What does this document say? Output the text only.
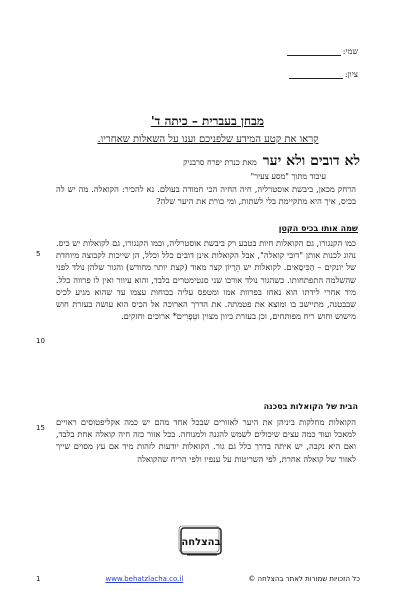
שמי:
ציון:
מבחן בעברית – כיתה ד'
קראו את קטע המידע שלפניכם וענו על השאלות שאחריו.
לא דובים ולא יער
מאת כנרת יפרח סרבניק
עיבוד מתוך "מסע צעיר"
הרחק מכאן, ביבשת אוסטרליה, חיה החיה הכי חמודה בעולם. נא להכיר: הקואלה. מה יש לה בכיס, איך היא מתקיימת בלי לשתות, ומי כורת את היער שלה?
שמה אותו בכיס הקטן
כמו הקנגורו, גם הקואלות חיות בטבע רק ביבשת אוסטרליה, וכמו הקנגורו, גם לקואלות יש כיס. נהוג לכנות אותן "דובי קואלה", אבל הקואלות אינן דובים כלל וכלל, הן שייכות לקבוצה מיוחדת של יונקים – הַכִּיסָאִים. לקואלות יש הֵרָיוֹן קצר מאוד (קצת יותר מחודש) והגור שלהן נולד לפני שהשלמה התפתחותו. כשהגור נולד אורכו שני סנטימטרים בלבד, והוא עיוור ואין לו פרווה כלל. מיד אחרי לידתו הוא נאחז בפרוות אמו ומטפס עליה בכוחות עצמו עד שהוא מגיע לכיס שבבטנה, מתיישב בו ומוצא את פטמתה. את הדרך הארוכה אל הכיס הוא עושה בעזרת חוש מישוש וחוש ריח מפותחים, וכן בעזרת כיוון מצוין וטְפָרִים* ארוכים וחזקים.
הבית של הקואלות בסכנה
הקואלות מחלקות ביניהן את היער לאזורים שבכל אחד מהם יש כמה אקליפטוסים ראויים למאכל ועוד כמה עצים שיכולים לשמש להגנה ולמנוחה. בכל אזור כזה חיה קואלה אחת בלבד, ואם היא נקבה, יש איתה בדרך כלל גם גור. הקואלות יודעות לזהות מיד אם עץ מסוים שייך לאזור של קואלה אחרת, לפי השריטות על ענפיו ולפי הריח שהקואלה
5
10
15
בהצלחה
1	www.behatzlacha.co.il	כל הזכויות שמורות לאתר בהצלחה ©
